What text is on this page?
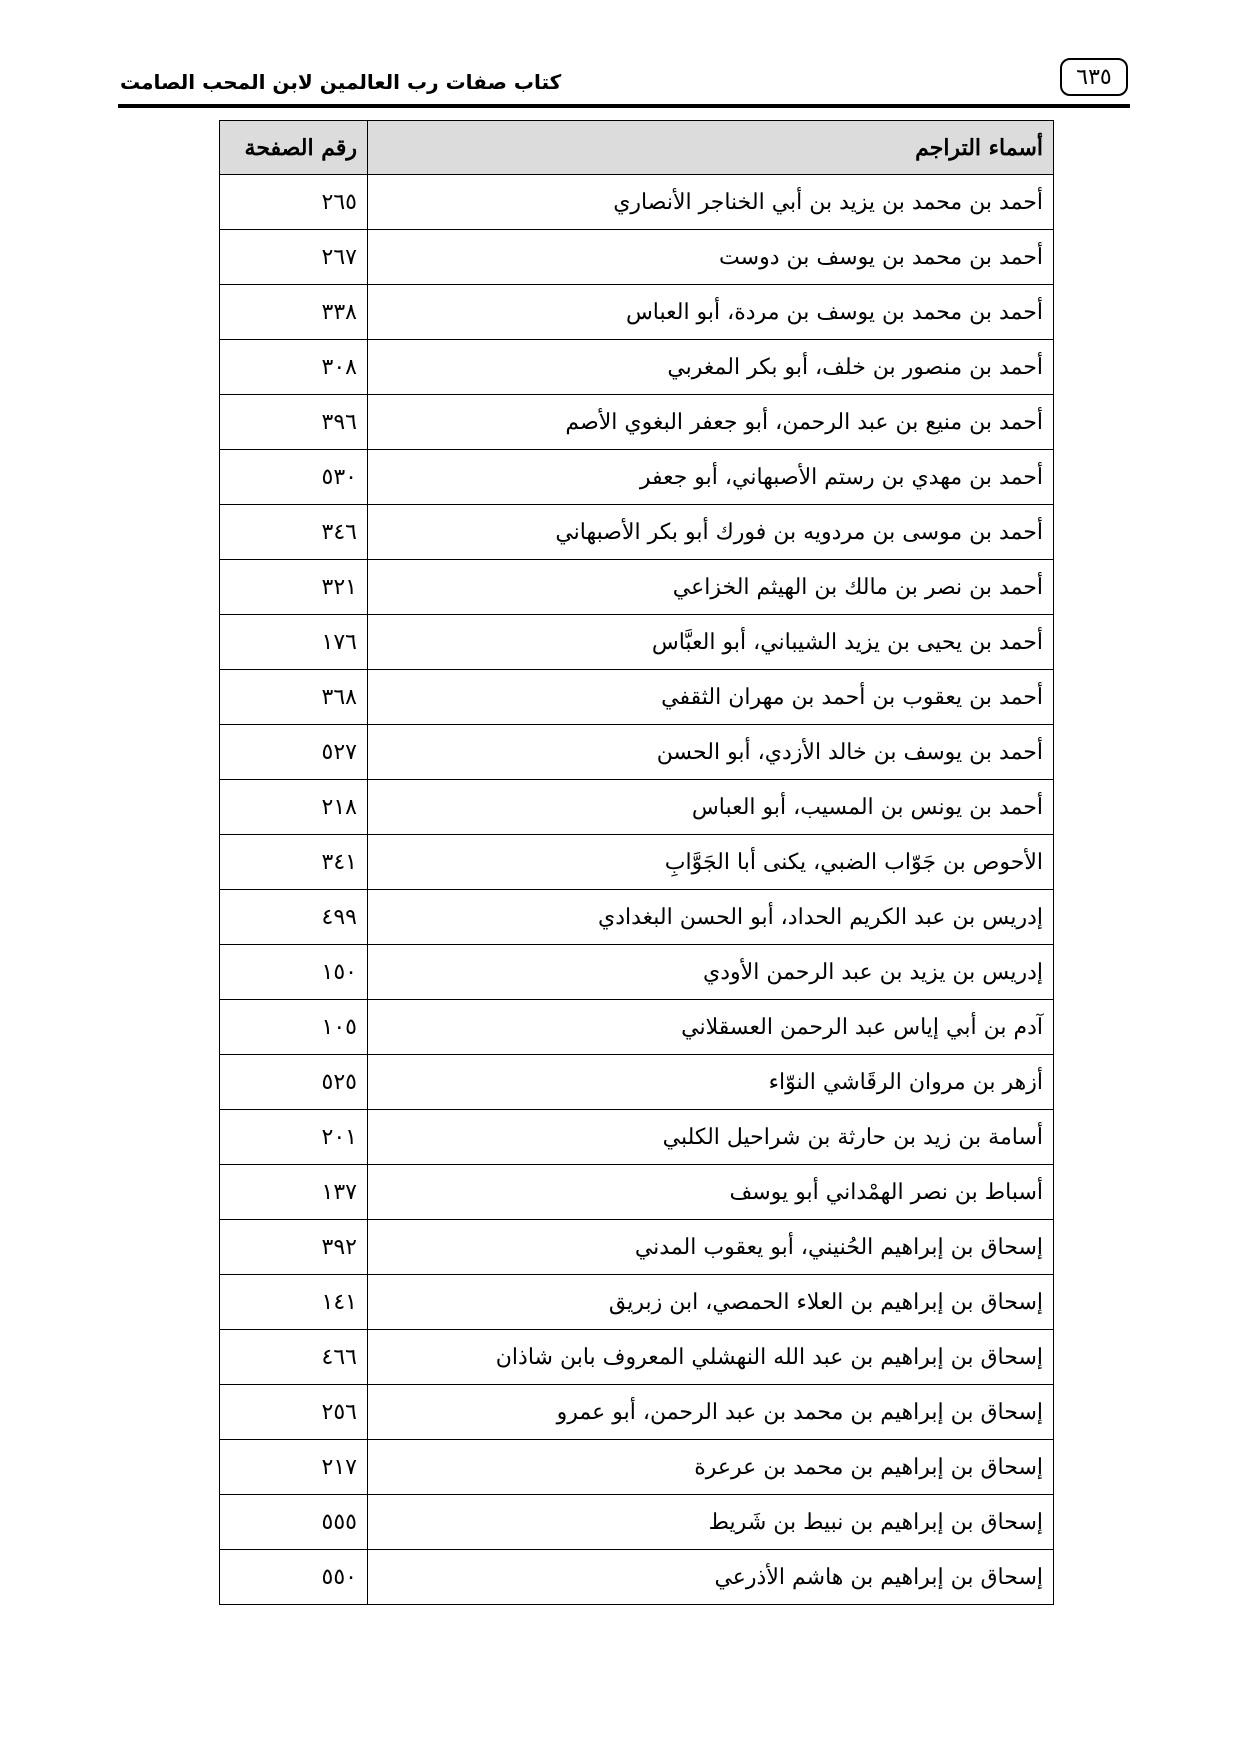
كتاب صفات رب العالمين لابن المحب الصامت	٦٣٥
أسماء التراجم	رقم الصفحة
أحمد بن محمد بن يزيد بن أبي الخناجر الأنصاري	٢٦٥
أحمد بن محمد بن يوسف بن دوست	٢٦٧
أحمد بن محمد بن يوسف بن مردة، أبو العباس	٣٣٨
أحمد بن منصور بن خلف، أبو بكر المغربي	٣٠٨
أحمد بن منيع بن عبد الرحمن، أبو جعفر البغوي الأصم	٣٩٦
أحمد بن مهدي بن رستم الأصبهاني، أبو جعفر	٥٣٠
أحمد بن موسى بن مردويه بن فورك أبو بكر الأصبهاني	٣٤٦
أحمد بن نصر بن مالك بن الهيثم الخزاعي	٣٢١
أحمد بن يحيى بن يزيد الشيباني، أبو العبَّاس	١٧٦
أحمد بن يعقوب بن أحمد بن مهران الثقفي	٣٦٨
أحمد بن يوسف بن خالد الأزدي، أبو الحسن	٥٢٧
أحمد بن يونس بن المسيب، أبو العباس	٢١٨
الأحوص بن جَوّاب الضبي، يكنى أبا الجَوَّابِ	٣٤١
إدريس بن عبد الكريم الحداد، أبو الحسن البغدادي	٤٩٩
إدريس بن يزيد بن عبد الرحمن الأودي	١٥٠
آدم بن أبي إياس عبد الرحمن العسقلاني	١٠٥
أزهر بن مروان الرقَاشي النوّاء	٥٢٥
أسامة بن زيد بن حارثة بن شراحيل الكلبي	٢٠١
أسباط بن نصر الهمْداني أبو يوسف	١٣٧
إسحاق بن إبراهيم الحُنيني، أبو يعقوب المدني	٣٩٢
إسحاق بن إبراهيم بن العلاء الحمصي، ابن زبريق	١٤١
إسحاق بن إبراهيم بن عبد الله النهشلي المعروف بابن شاذان	٤٦٦
إسحاق بن إبراهيم بن محمد بن عبد الرحمن، أبو عمرو	٢٥٦
إسحاق بن إبراهيم بن محمد بن عرعرة	٢١٧
إسحاق بن إبراهيم بن نبيط بن شَريط	٥٥٥
إسحاق بن إبراهيم بن هاشم الأذرعي	٥٥٠
